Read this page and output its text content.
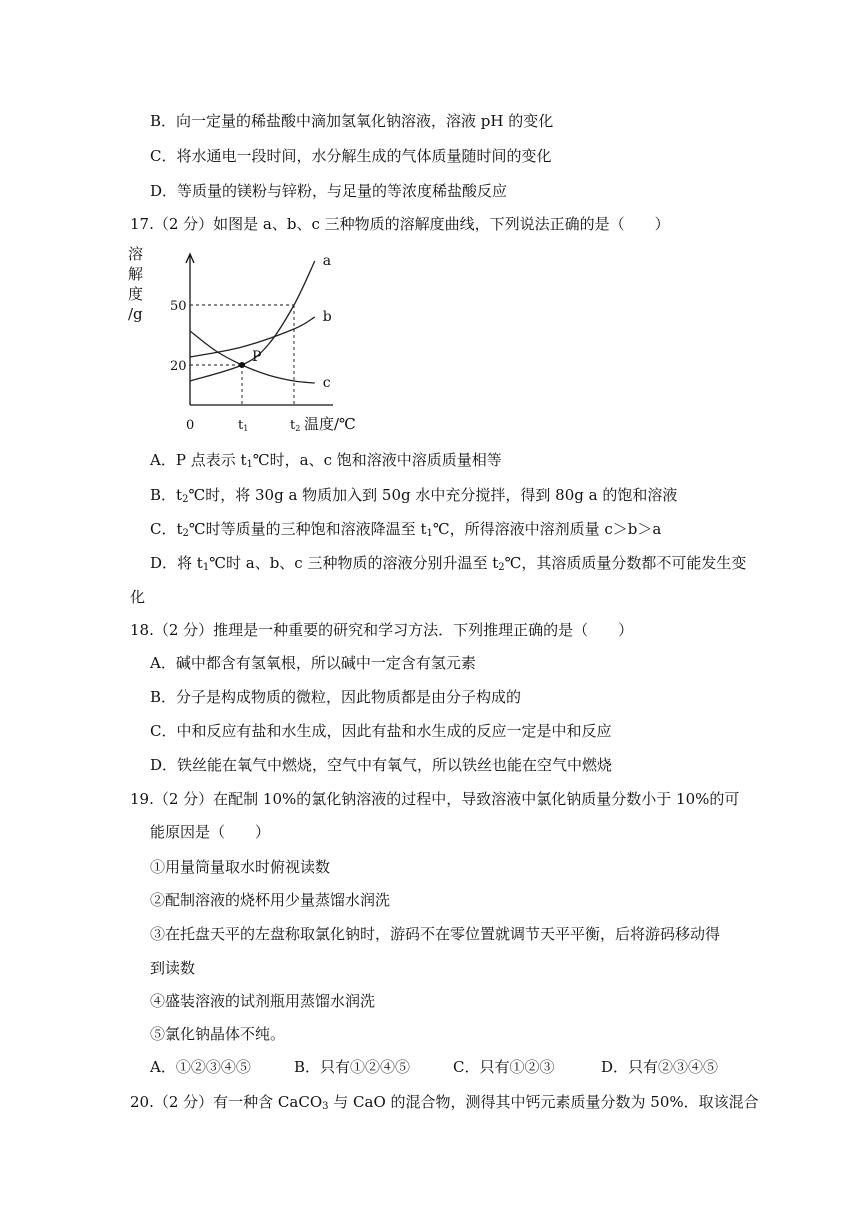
B．向一定量的稀盐酸中滴加氢氧化钠溶液，溶液 pH 的变化
C．将水通电一段时间，水分解生成的气体质量随时间的变化
D．等质量的镁粉与锌粉，与足量的等浓度稀盐酸反应
17.（2 分）如图是 a、b、c 三种物质的溶解度曲线，下列说法正确的是（　　）
溶
解
度
/g
20
50
0	t1	t2 温度/℃
a
b
c
P
A．P 点表示 $t_1℃$时，a、c 饱和溶液中溶质质量相等
B．$t_2℃$时，将 30g a 物质加入到 50g 水中充分搅拌，得到 80g a 的饱和溶液
C．$t_2℃$时等质量的三种饱和溶液降温至 $t_1℃$，所得溶液中溶剂质量 c＞b＞a
D．将 $t_1℃$时 a、b、c 三种物质的溶液分别升温至 $t_2℃$，其溶质质量分数都不可能发生变
化
18.（2 分）推理是一种重要的研究和学习方法．下列推理正确的是（　　）
A．碱中都含有氢氧根，所以碱中一定含有氢元素
B．分子是构成物质的微粒，因此物质都是由分子构成的
C．中和反应有盐和水生成，因此有盐和水生成的反应一定是中和反应
D．铁丝能在氧气中燃烧，空气中有氧气，所以铁丝也能在空气中燃烧
19.（2 分）在配制 10%的氯化钠溶液的过程中，导致溶液中氯化钠质量分数小于 10%的可
能原因是（　　）
①用量筒量取水时俯视读数
②配制溶液的烧杯用少量蒸馏水润洗
③在托盘天平的左盘称取氯化钠时，游码不在零位置就调节天平平衡，后将游码移动得
到读数
④盛装溶液的试剂瓶用蒸馏水润洗
⑤氯化钠晶体不纯。
A．①②③④⑤	B．只有①②④⑤	C．只有①②③	D．只有②③④⑤
20.（2 分）有一种含 CaCO$_3$ 与 CaO 的混合物，测得其中钙元素质量分数为 50%．取该混合
